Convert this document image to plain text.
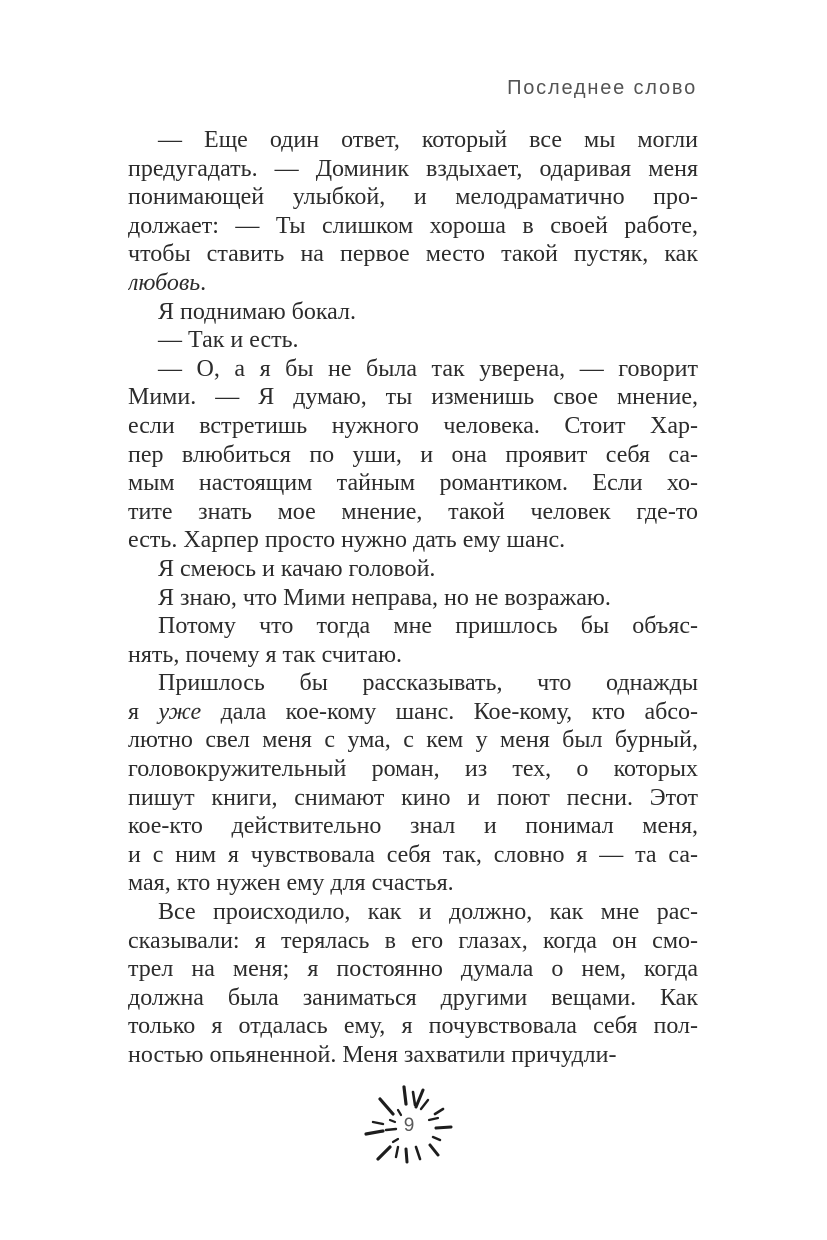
Последнее слово
— Еще один ответ, который все мы могли
предугадать. — Доминик вздыхает, одаривая меня
понимающей улыбкой, и мелодраматично про-
должает: — Ты слишком хороша в своей работе,
чтобы ставить на первое место такой пустяк, как
любовь.
Я поднимаю бокал.
— Так и есть.
— О, а я бы не была так уверена, — говорит
Мими. — Я думаю, ты изменишь свое мнение,
если встретишь нужного человека. Стоит Хар-
пер влюбиться по уши, и она проявит себя са-
мым настоящим тайным романтиком. Если хо-
тите знать мое мнение, такой человек где-то
есть. Харпер просто нужно дать ему шанс.
Я смеюсь и качаю головой.
Я знаю, что Мими неправа, но не возражаю.
Потому что тогда мне пришлось бы объяс-
нять, почему я так считаю.
Пришлось бы рассказывать, что однажды
я уже дала кое-кому шанс. Кое-кому, кто абсо-
лютно свел меня с ума, с кем у меня был бурный,
головокружительный роман, из тех, о которых
пишут книги, снимают кино и поют песни. Этот
кое-кто действительно знал и понимал меня,
и с ним я чувствовала себя так, словно я — та са-
мая, кто нужен ему для счастья.
Все происходило, как и должно, как мне рас-
сказывали: я терялась в его глазах, когда он смо-
трел на меня; я постоянно думала о нем, когда
должна была заниматься другими вещами. Как
только я отдалась ему, я почувствовала себя пол-
ностью опьяненной. Меня захватили причудли-
9
